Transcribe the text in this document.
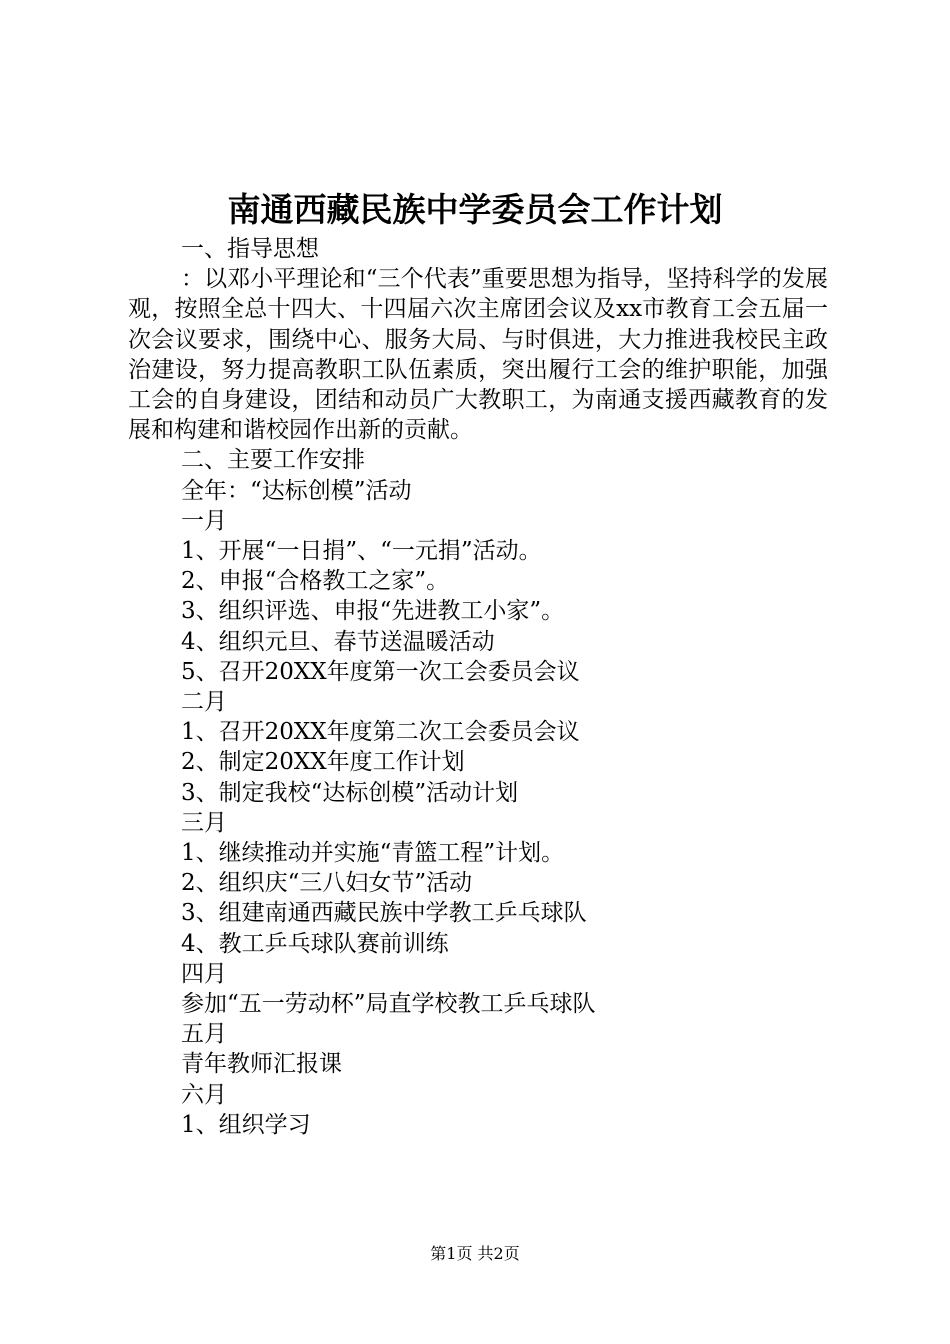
南通西藏民族中学委员会工作计划
一、指导思想
：以邓小平理论和“三个代表”重要思想为指导，坚持科学的发展观，按照全总十四大、十四届六次主席团会议及xx市教育工会五届一次会议要求，围绕中心、服务大局、与时俱进，大力推进我校民主政治建设，努力提高教职工队伍素质，突出履行工会的维护职能，加强工会的自身建设，团结和动员广大教职工，为南通支援西藏教育的发展和构建和谐校园作出新的贡献。
二、主要工作安排
全年：“达标创模”活动
一月
1、开展“一日捐”、“一元捐”活动。
2、申报“合格教工之家”。
3、组织评选、申报“先进教工小家”。
4、组织元旦、春节送温暖活动
5、召开20XX年度第一次工会委员会议
二月
1、召开20XX年度第二次工会委员会议
2、制定20XX年度工作计划
3、制定我校“达标创模”活动计划
三月
1、继续推动并实施“青篮工程”计划。
2、组织庆“三八妇女节”活动
3、组建南通西藏民族中学教工乒乓球队
4、教工乒乓球队赛前训练
四月
参加“五一劳动杯”局直学校教工乒乓球队
五月
青年教师汇报课
六月
1、组织学习
第1页 共2页
